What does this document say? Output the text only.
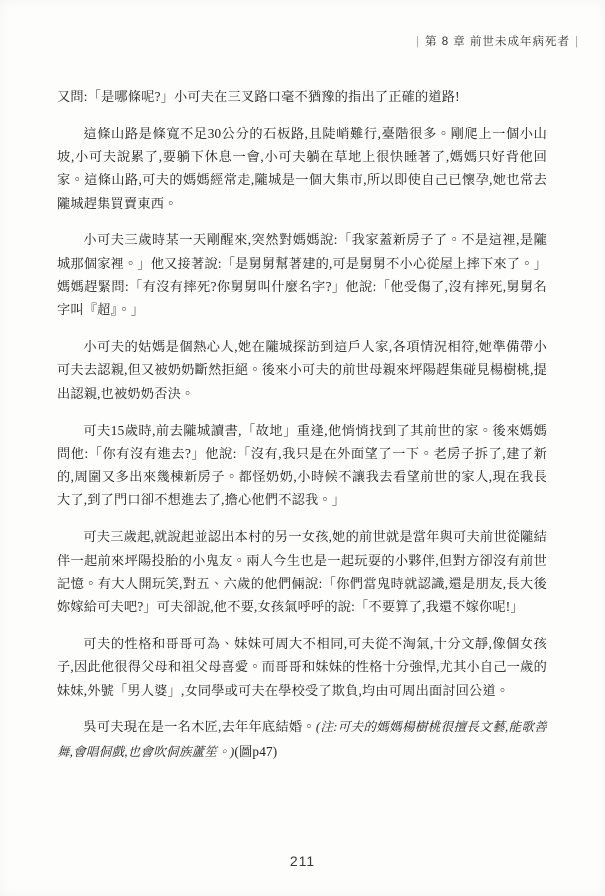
| 第 8 章 前世未成年病死者 |

又問:「是哪條呢?」小可夫在三叉路口毫不猶豫的指出了正確的道路!

這條山路是條寬不足30公分的石板路,且陡峭難行,臺階很多。剛爬上一個小山坡,小可夫說累了,要躺下休息一會,小可夫躺在草地上很快睡著了,媽媽只好背他回家。這條山路,可夫的媽媽經常走,隴城是一個大集市,所以即使自己已懷孕,她也常去隴城趕集買賣東西。

小可夫三歲時某一天剛醒來,突然對媽媽說:「我家蓋新房子了。不是這裡,是隴城那個家裡。」他又接著說:「是舅舅幫著建的,可是舅舅不小心從屋上摔下來了。」媽媽趕緊問:「有沒有摔死?你舅舅叫什麼名字?」他說:「他受傷了,沒有摔死,舅舅名字叫『超』。」

小可夫的姑媽是個熱心人,她在隴城探訪到這戶人家,各項情況相符,她準備帶小可夫去認親,但又被奶奶斷然拒絕。後來小可夫的前世母親來坪陽趕集碰見楊樹桃,提出認親,也被奶奶否決。

可夫15歲時,前去隴城讀書,「故地」重逢,他悄悄找到了其前世的家。後來媽媽問他:「你有沒有進去?」他說:「沒有,我只是在外面望了一下。老房子拆了,建了新的,周圍又多出來幾棟新房子。都怪奶奶,小時候不讓我去看望前世的家人,現在我長大了,到了門口卻不想進去了,擔心他們不認我。」

可夫三歲起,就說起並認出本村的另一女孩,她的前世就是當年與可夫前世從隴結伴一起前來坪陽投胎的小鬼友。兩人今生也是一起玩耍的小夥伴,但對方卻沒有前世記憶。有大人開玩笑,對五、六歲的他們倆說:「你們當鬼時就認識,還是朋友,長大後妳嫁給可夫吧?」可夫卻說,他不要,女孩氣呼呼的說:「不要算了,我還不嫁你呢!」

可夫的性格和哥哥可為、妹妹可周大不相同,可夫從不淘氣,十分文靜,像個女孩子,因此他很得父母和祖父母喜愛。而哥哥和妹妹的性格十分強悍,尤其小自己一歲的妹妹,外號「男人婆」,女同學或可夫在學校受了欺負,均由可周出面討回公道。

吳可夫現在是一名木匠,去年年底結婚。(注:可夫的媽媽楊樹桃很擅長文藝,能歌善舞,會唱侗戲,也會吹侗族蘆笙。)(圖p47)

211
